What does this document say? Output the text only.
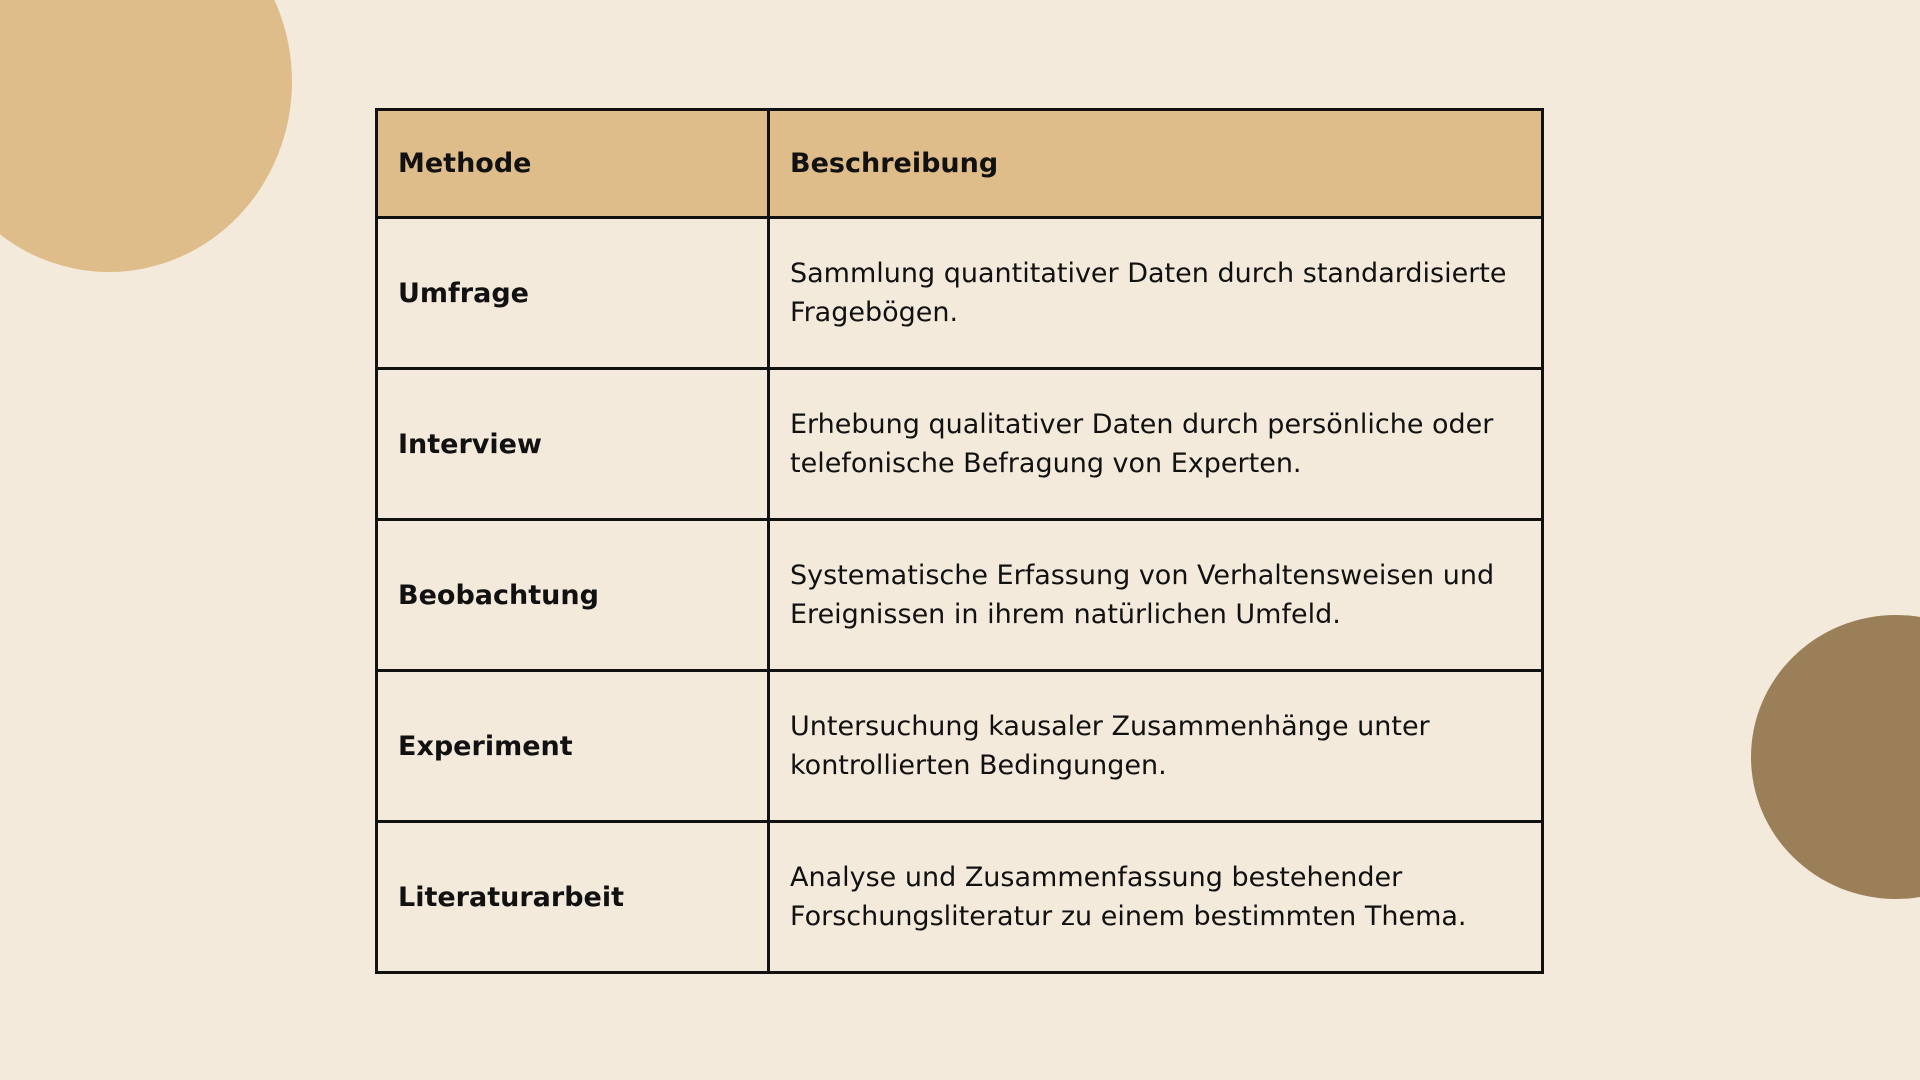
Methode	Beschreibung
Umfrage	Sammlung quantitativer Daten durch standardisierte Fragebögen.
Interview	Erhebung qualitativer Daten durch persönliche oder telefonische Befragung von Experten.
Beobachtung	Systematische Erfassung von Verhaltensweisen und Ereignissen in ihrem natürlichen Umfeld.
Experiment	Untersuchung kausaler Zusammenhänge unter kontrollierten Bedingungen.
Literaturarbeit	Analyse und Zusammenfassung bestehender Forschungsliteratur zu einem bestimmten Thema.
